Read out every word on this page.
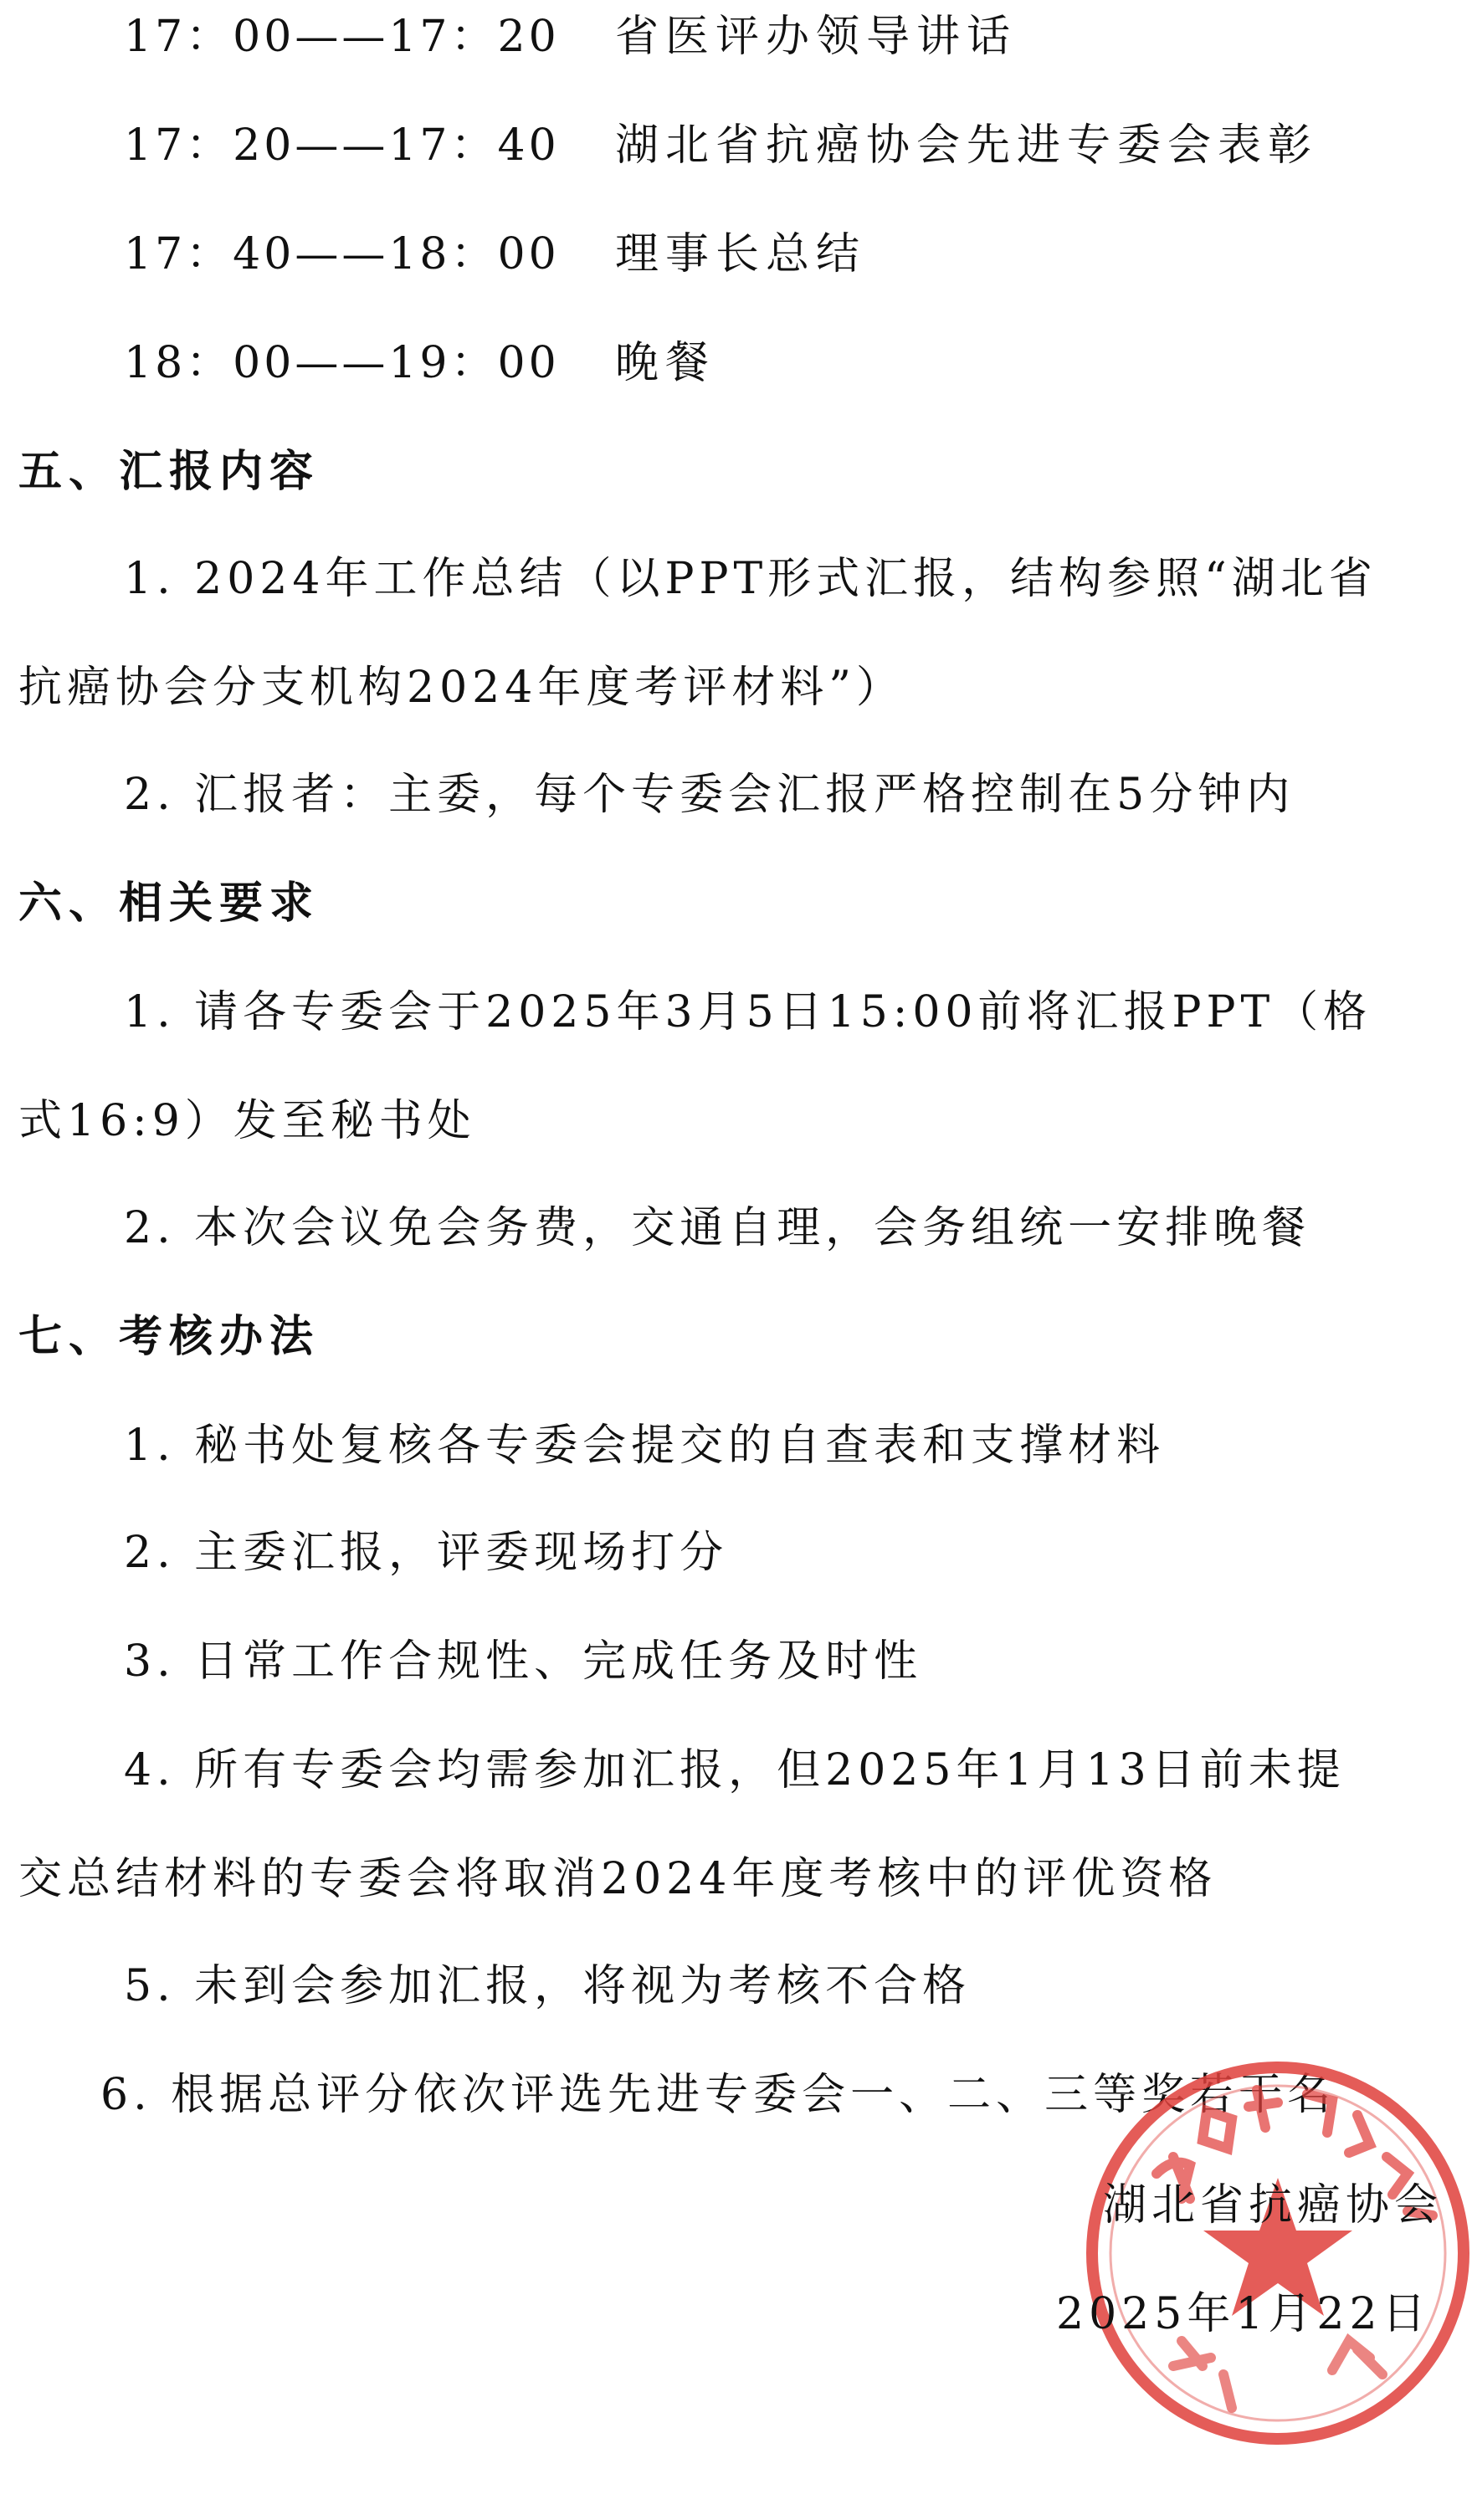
17：00——17：20 省医评办领导讲话
17：20——17：40 湖北省抗癌协会先进专委会表彰
17：40——18：00 理事长总结
18：00——19：00 晚餐
五、汇报内容
1. 2024年工作总结（以PPT形式汇报，结构参照“湖北省
抗癌协会分支机构2024年度考评材料”）
2. 汇报者：主委，每个专委会汇报严格控制在5分钟内
六、相关要求
1. 请各专委会于2025年3月5日15:00前将汇报PPT（格
式16:9）发至秘书处
2. 本次会议免会务费，交通自理，会务组统一安排晚餐
七、考核办法
1. 秘书处复核各专委会提交的自查表和支撑材料
2. 主委汇报，评委现场打分
3. 日常工作合规性、完成任务及时性
4. 所有专委会均需参加汇报，但2025年1月13日前未提
交总结材料的专委会将取消2024年度考核中的评优资格
5. 未到会参加汇报，将视为考核不合格
6. 根据总评分依次评选先进专委会一、二、三等奖若干名
湖北省抗癌协会
2025年1月22日
